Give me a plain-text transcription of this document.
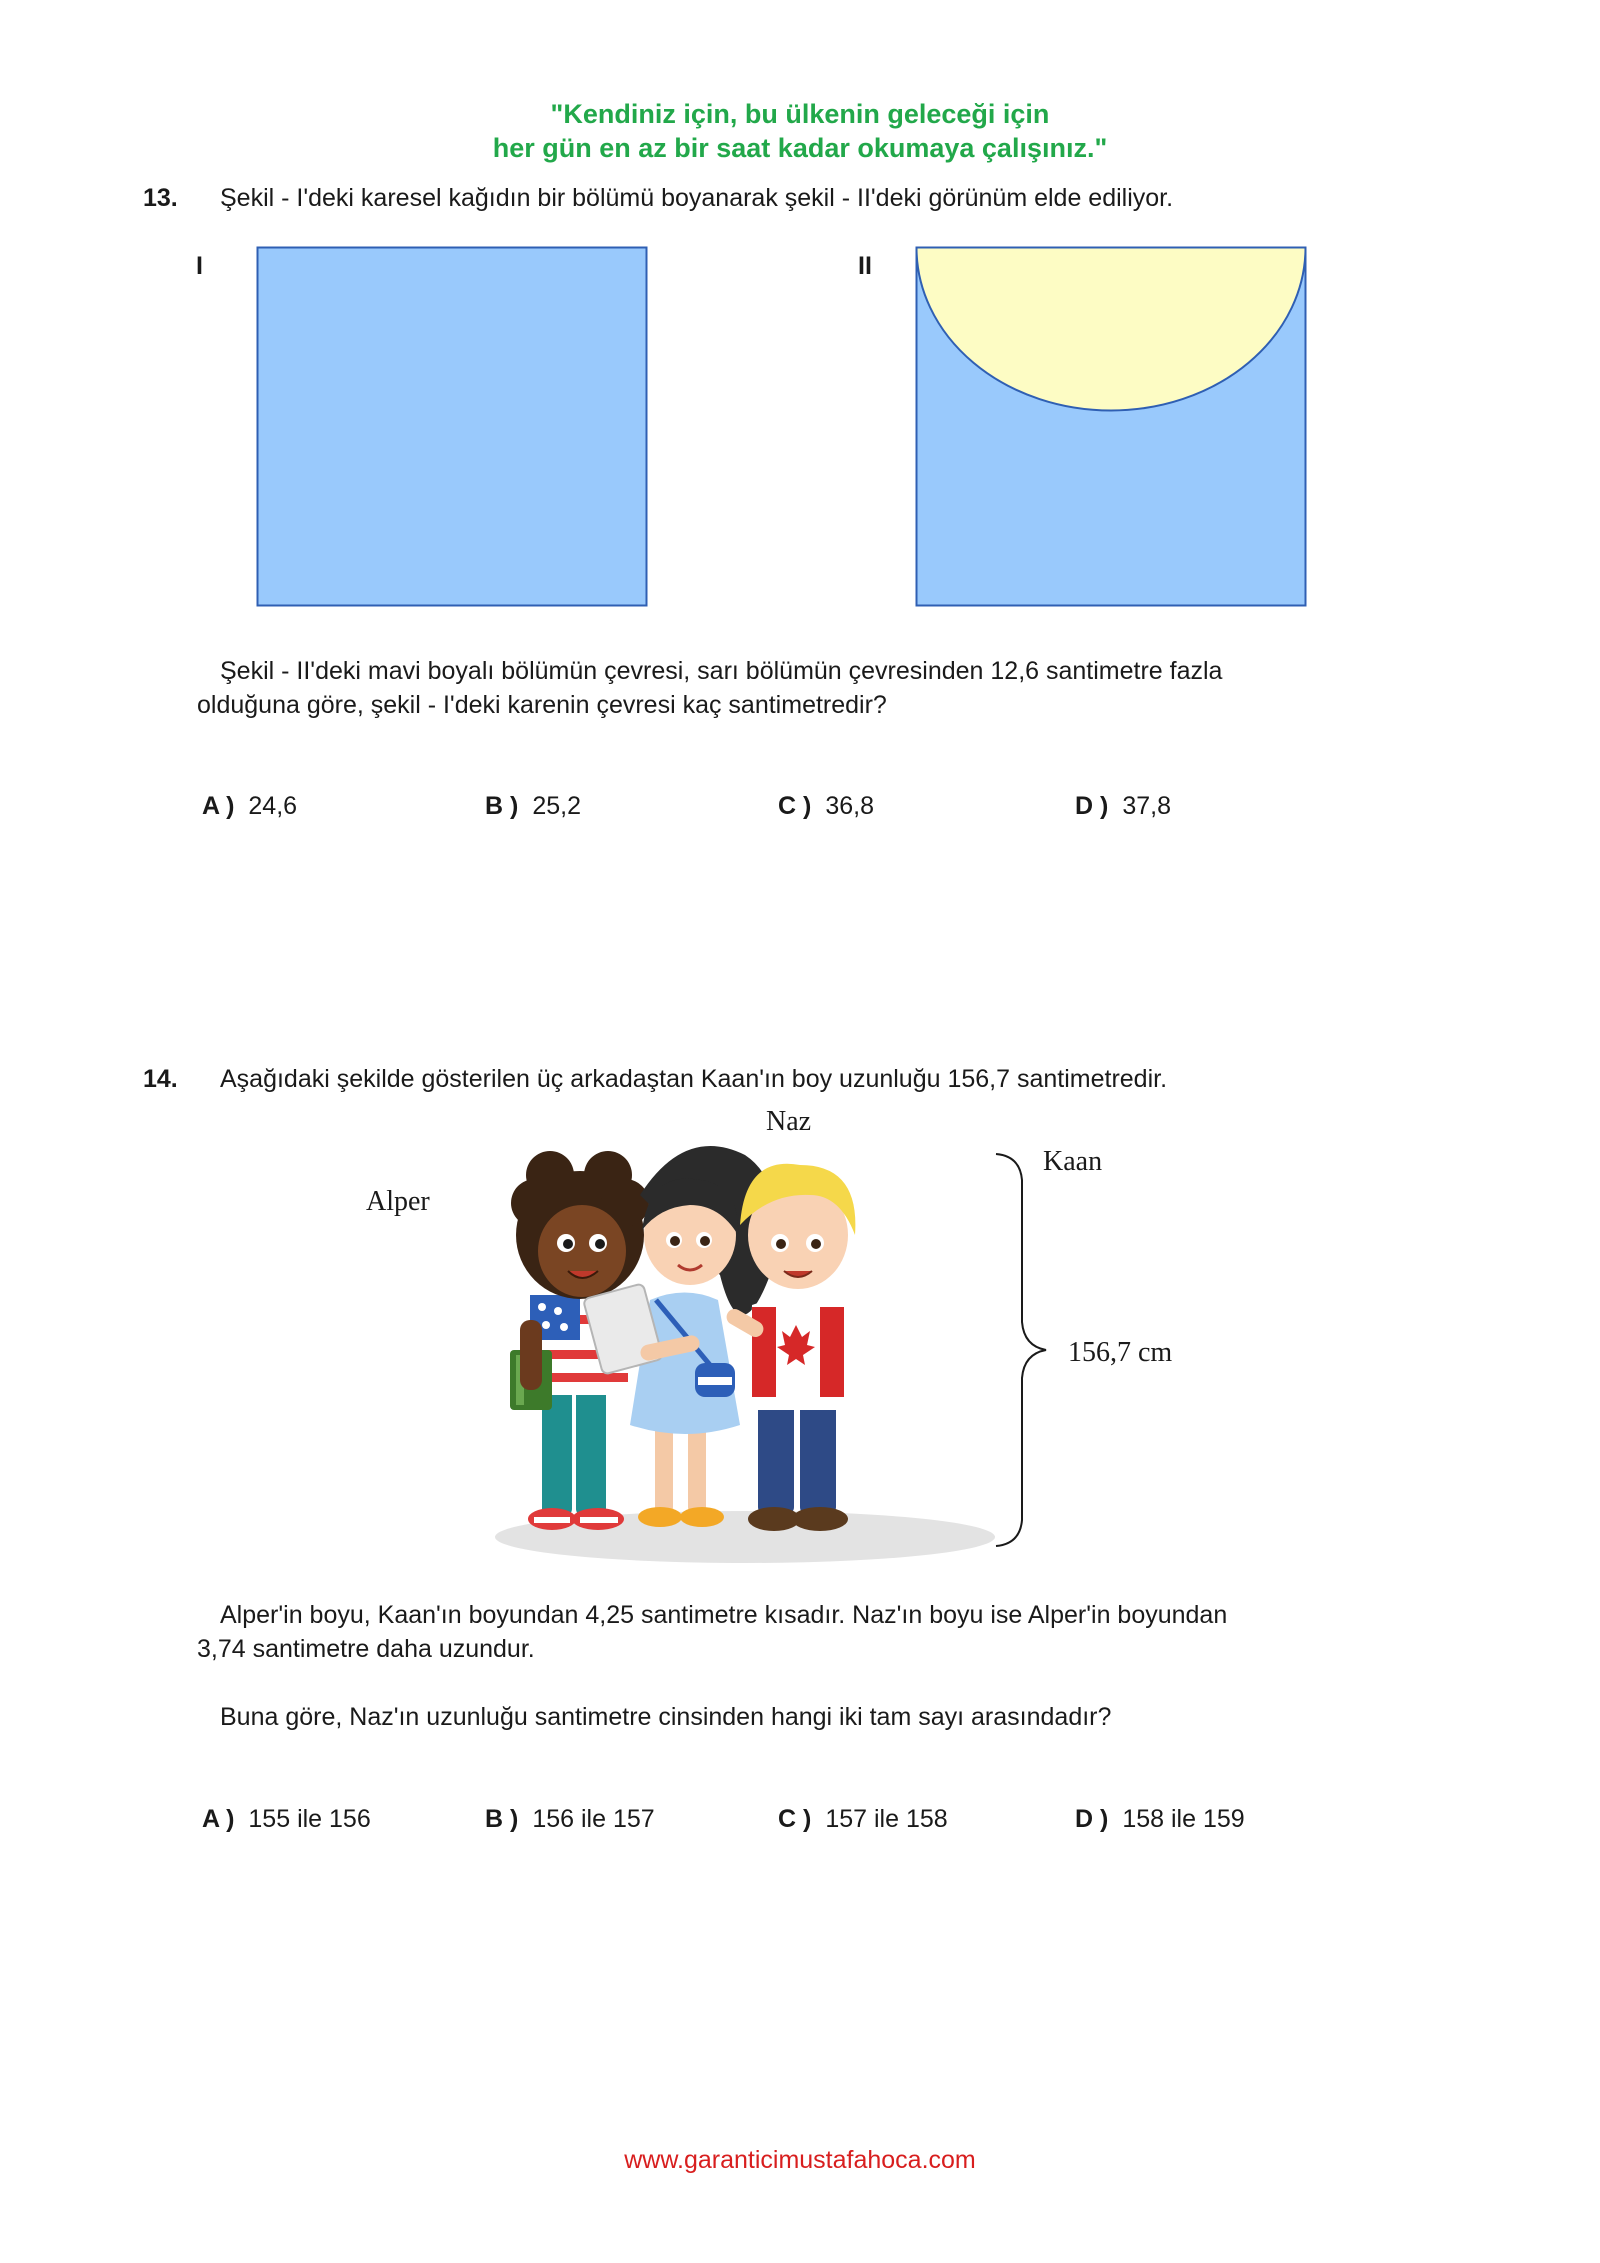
"Kendiniz için, bu ülkenin geleceği için
her gün en az bir saat kadar okumaya çalışınız."
13. Şekil - I'deki karesel kağıdın bir bölümü boyanarak şekil - II'deki görünüm elde ediliyor.
I	II
Şekil - II'deki mavi boyalı bölümün çevresi, sarı bölümün çevresinden 12,6 santimetre fazla
olduğuna göre, şekil - I'deki karenin çevresi kaç santimetredir?
A ) 24,6	B ) 25,2	C ) 36,8	D ) 37,8
14. Aşağıdaki şekilde gösterilen üç arkadaştan Kaan'ın boy uzunluğu 156,7 santimetredir.
Naz
Kaan
Alper
156,7 cm
Alper'in boyu, Kaan'ın boyundan 4,25 santimetre kısadır. Naz'ın boyu ise Alper'in boyundan
3,74 santimetre daha uzundur.
Buna göre, Naz'ın uzunluğu santimetre cinsinden hangi iki tam sayı arasındadır?
A ) 155 ile 156	B ) 156 ile 157	C ) 157 ile 158	D ) 158 ile 159
www.garanticimustafahoca.com
